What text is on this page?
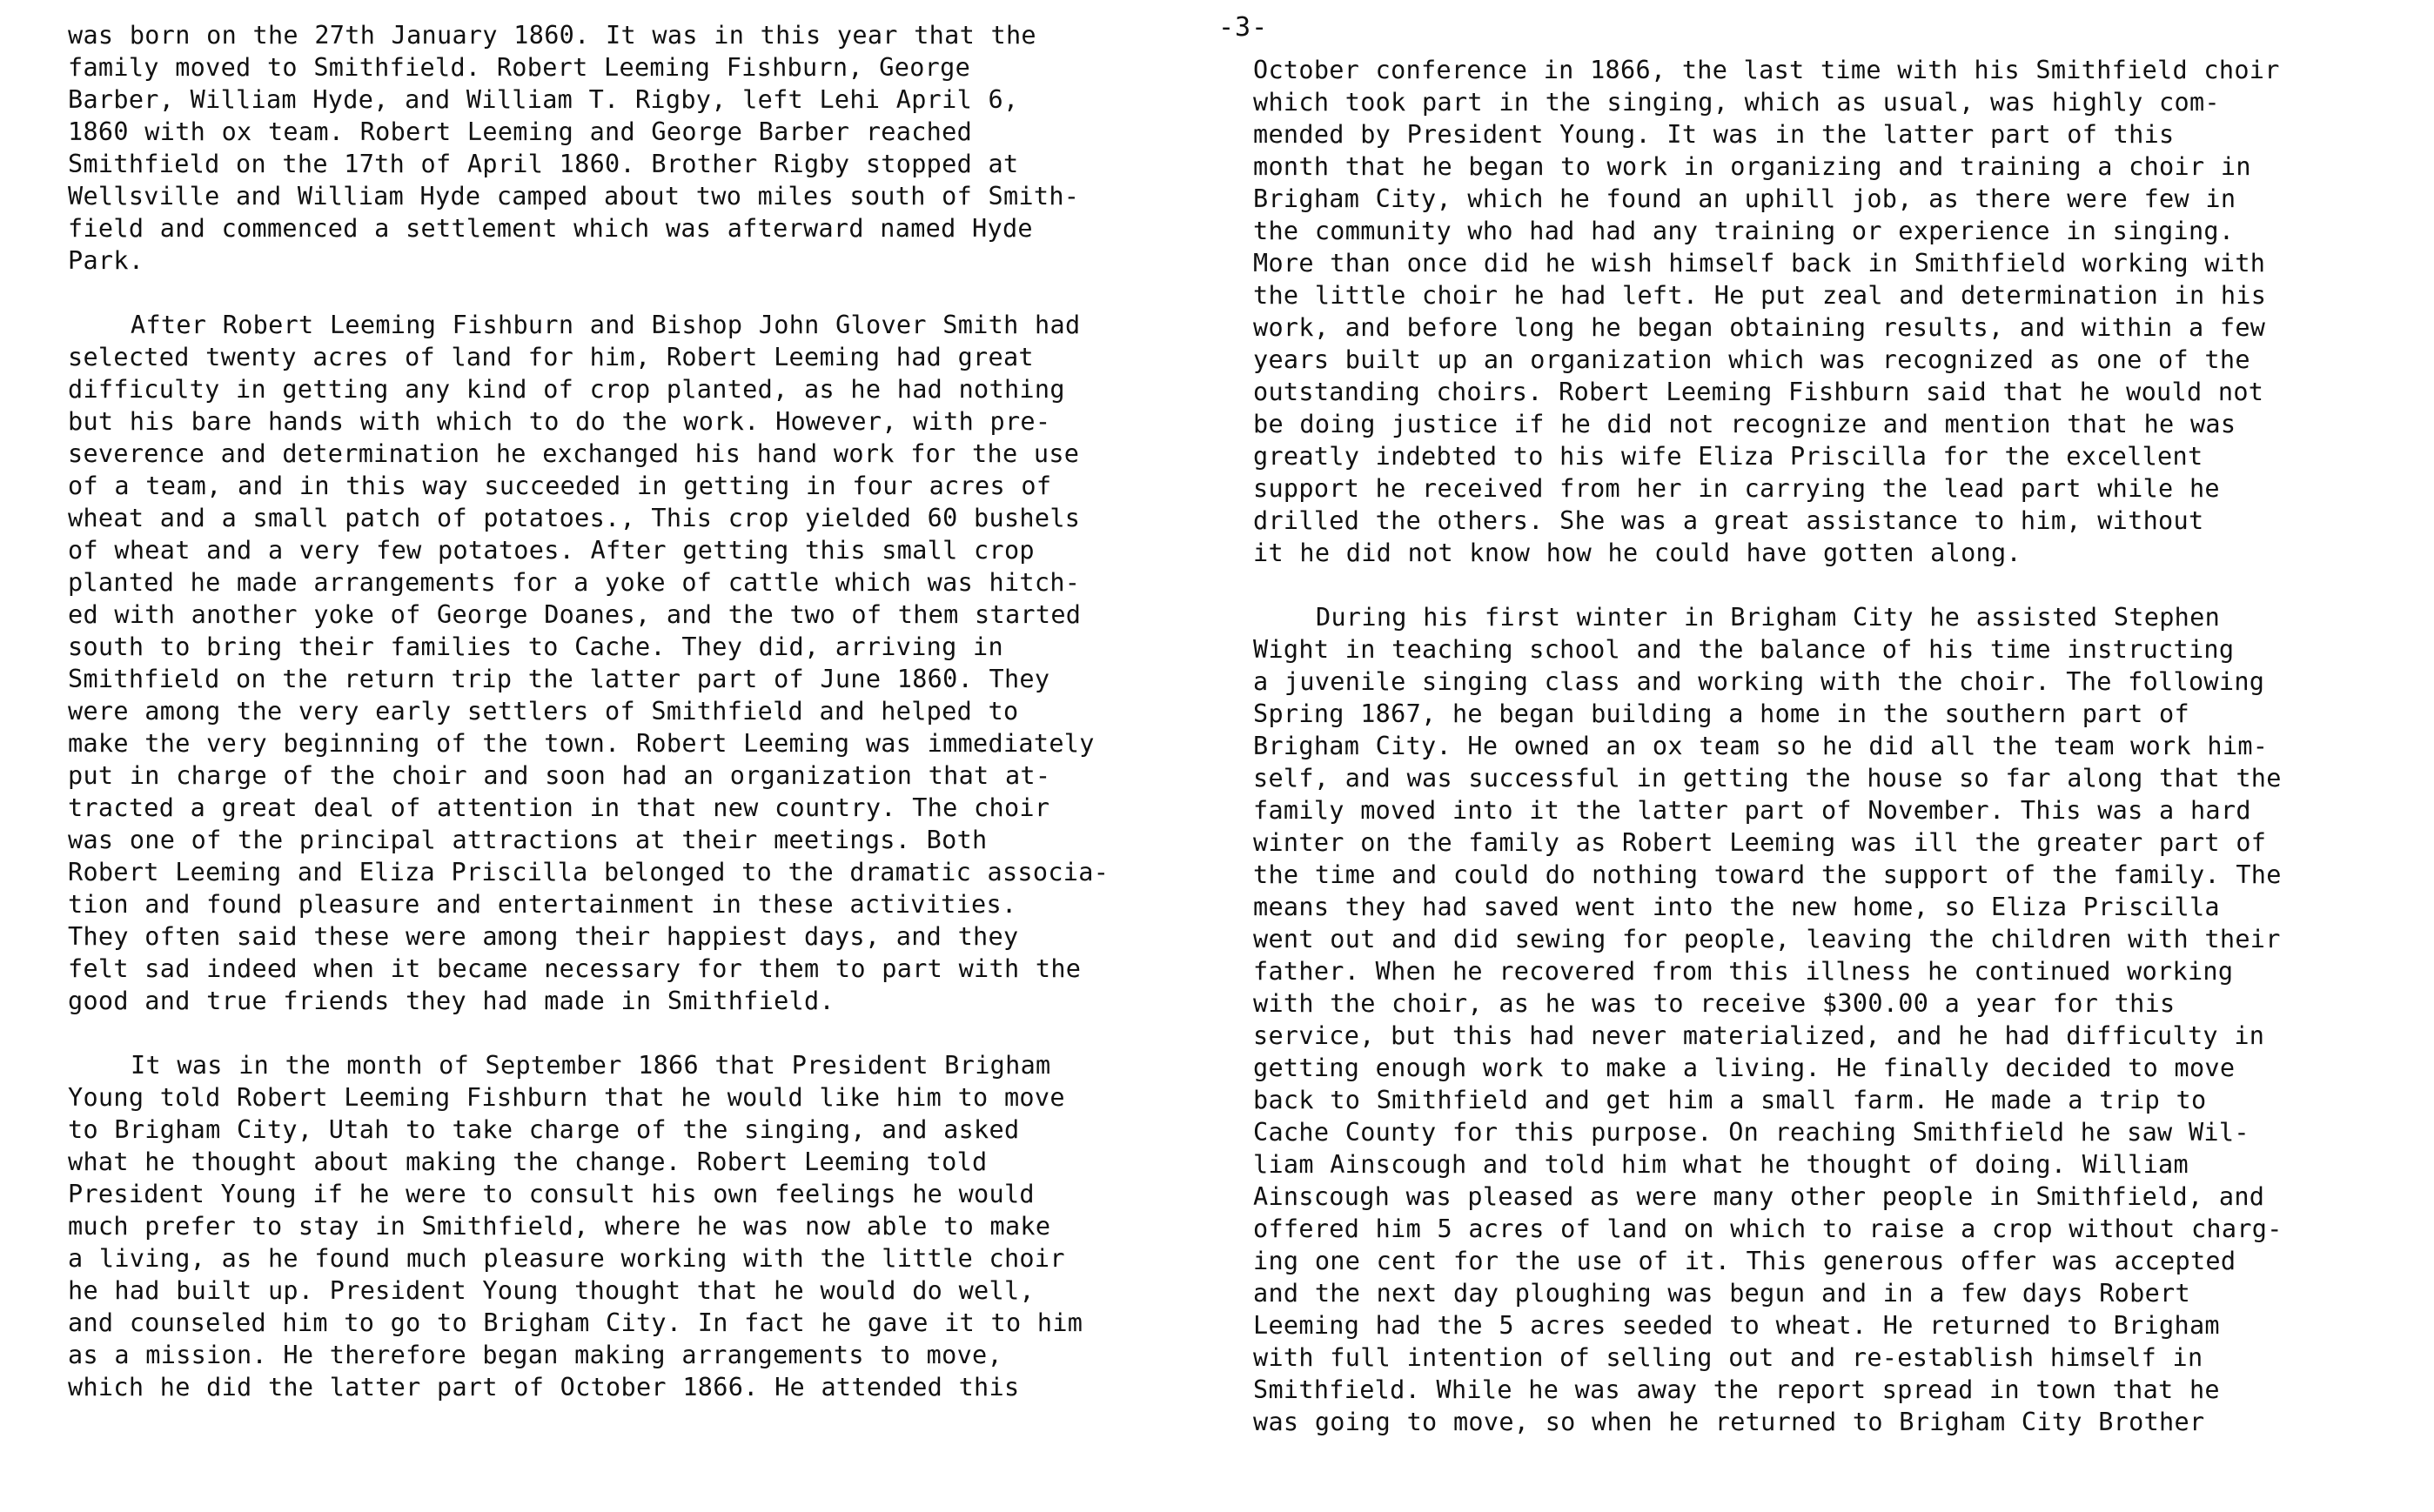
-3-
was born on the 27th January 1860. It was in this year that the
family moved to Smithfield. Robert Leeming Fishburn, George
Barber, William Hyde, and William T. Rigby, left Lehi April 6,
1860 with ox team. Robert Leeming and George Barber reached
Smithfield on the 17th of April 1860. Brother Rigby stopped at
Wellsville and William Hyde camped about two miles south of Smith-
field and commenced a settlement which was afterward named Hyde
Park.
After Robert Leeming Fishburn and Bishop John Glover Smith had
selected twenty acres of land for him, Robert Leeming had great
difficulty in getting any kind of crop planted, as he had nothing
but his bare hands with which to do the work. However, with pre-
severence and determination he exchanged his hand work for the use
of a team, and in this way succeeded in getting in four acres of
wheat and a small patch of potatoes., This crop yielded 60 bushels
of wheat and a very few potatoes. After getting this small crop
planted he made arrangements for a yoke of cattle which was hitch-
ed with another yoke of George Doanes, and the two of them started
south to bring their families to Cache. They did, arriving in
Smithfield on the return trip the latter part of June 1860. They
were among the very early settlers of Smithfield and helped to
make the very beginning of the town. Robert Leeming was immediately
put in charge of the choir and soon had an organization that at-
tracted a great deal of attention in that new country. The choir
was one of the principal attractions at their meetings. Both
Robert Leeming and Eliza Priscilla belonged to the dramatic associa-
tion and found pleasure and entertainment in these activities.
They often said these were among their happiest days, and they
felt sad indeed when it became necessary for them to part with the
good and true friends they had made in Smithfield.
It was in the month of September 1866 that President Brigham
Young told Robert Leeming Fishburn that he would like him to move
to Brigham City, Utah to take charge of the singing, and asked
what he thought about making the change. Robert Leeming told
President Young if he were to consult his own feelings he would
much prefer to stay in Smithfield, where he was now able to make
a living, as he found much pleasure working with the little choir
he had built up. President Young thought that he would do well,
and counseled him to go to Brigham City. In fact he gave it to him
as a mission. He therefore began making arrangements to move,
which he did the latter part of October 1866. He attended this
October conference in 1866, the last time with his Smithfield choir
which took part in the singing, which as usual, was highly com-
mended by President Young. It was in the latter part of this
month that he began to work in organizing and training a choir in
Brigham City, which he found an uphill job, as there were few in
the community who had had any training or experience in singing.
More than once did he wish himself back in Smithfield working with
the little choir he had left. He put zeal and determination in his
work, and before long he began obtaining results, and within a few
years built up an organization which was recognized as one of the
outstanding choirs. Robert Leeming Fishburn said that he would not
be doing justice if he did not recognize and mention that he was
greatly indebted to his wife Eliza Priscilla for the excellent
support he received from her in carrying the lead part while he
drilled the others. She was a great assistance to him, without
it he did not know how he could have gotten along.
During his first winter in Brigham City he assisted Stephen
Wight in teaching school and the balance of his time instructing
a juvenile singing class and working with the choir. The following
Spring 1867, he began building a home in the southern part of
Brigham City. He owned an ox team so he did all the team work him-
self, and was successful in getting the house so far along that the
family moved into it the latter part of November. This was a hard
winter on the family as Robert Leeming was ill the greater part of
the time and could do nothing toward the support of the family. The
means they had saved went into the new home, so Eliza Priscilla
went out and did sewing for people, leaving the children with their
father. When he recovered from this illness he continued working
with the choir, as he was to receive $300.00 a year for this
service, but this had never materialized, and he had difficulty in
getting enough work to make a living. He finally decided to move
back to Smithfield and get him a small farm. He made a trip to
Cache County for this purpose. On reaching Smithfield he saw Wil-
liam Ainscough and told him what he thought of doing. William
Ainscough was pleased as were many other people in Smithfield, and
offered him 5 acres of land on which to raise a crop without charg-
ing one cent for the use of it. This generous offer was accepted
and the next day ploughing was begun and in a few days Robert
Leeming had the 5 acres seeded to wheat. He returned to Brigham
with full intention of selling out and re-establish himself in
Smithfield. While he was away the report spread in town that he
was going to move, so when he returned to Brigham City Brother
